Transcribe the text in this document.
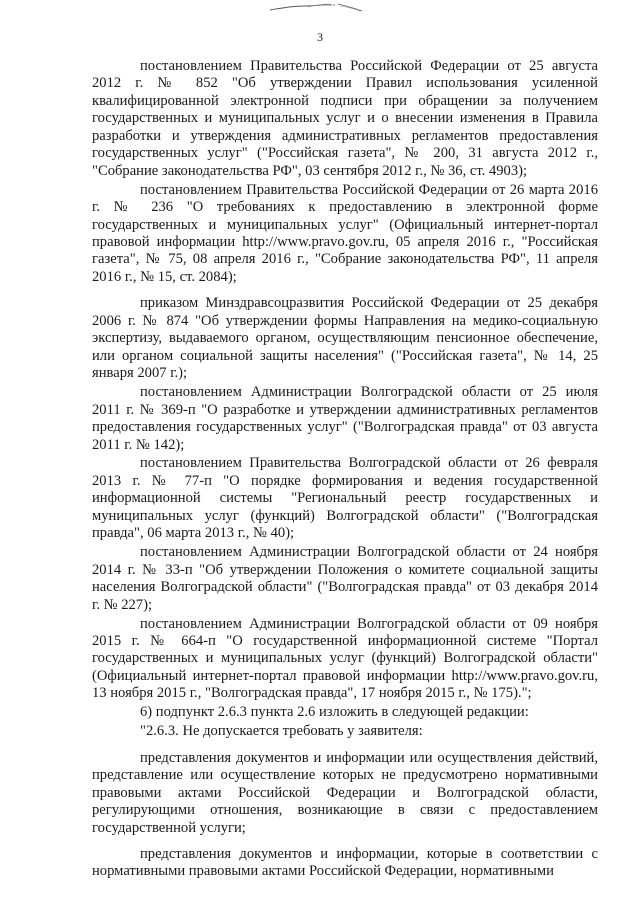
3

постановлением Правительства Российской Федерации от 25 августа 2012 г. № 852 "Об утверждении Правил использования усиленной квалифицированной электронной подписи при обращении за получением государственных и муниципальных услуг и о внесении изменения в Правила разработки и утверждения административных регламентов предоставления государственных услуг" ("Российская газета", № 200, 31 августа 2012 г., "Собрание законодательства РФ", 03 сентября 2012 г., № 36, ст. 4903);

постановлением Правительства Российской Федерации от 26 марта 2016 г. № 236 "О требованиях к предоставлению в электронной форме государственных и муниципальных услуг" (Официальный интернет-портал правовой информации http://www.pravo.gov.ru, 05 апреля 2016 г., "Российская газета", № 75, 08 апреля 2016 г., "Собрание законодательства РФ", 11 апреля 2016 г., № 15, ст. 2084);

приказом Минздравсоцразвития Российской Федерации от 25 декабря 2006 г. № 874 "Об утверждении формы Направления на медико-социальную экспертизу, выдаваемого органом, осуществляющим пенсионное обеспечение, или органом социальной защиты населения" ("Российская газета", № 14, 25 января 2007 г.);

постановлением Администрации Волгоградской области от 25 июля 2011 г. № 369-п "О разработке и утверждении административных регламентов предоставления государственных услуг" ("Волгоградская правда" от 03 августа 2011 г. № 142);

постановлением Правительства Волгоградской области от 26 февраля 2013 г. № 77-п "О порядке формирования и ведения государственной информационной системы "Региональный реестр государственных и муниципальных услуг (функций) Волгоградской области" ("Волгоградская правда", 06 марта 2013 г., № 40);

постановлением Администрации Волгоградской области от 24 ноября 2014 г. № 33-п "Об утверждении Положения о комитете социальной защиты населения Волгоградской области" ("Волгоградская правда" от 03 декабря 2014 г. № 227);

постановлением Администрации Волгоградской области от 09 ноября 2015 г. № 664-п "О государственной информационной системе "Портал государственных и муниципальных услуг (функций) Волгоградской области" (Официальный интернет-портал правовой информации http://www.pravo.gov.ru, 13 ноября 2015 г., "Волгоградская правда", 17 ноября 2015 г., № 175).";

6) подпункт 2.6.3 пункта 2.6 изложить в следующей редакции:

"2.6.3. Не допускается требовать у заявителя:

представления документов и информации или осуществления действий, представление или осуществление которых не предусмотрено нормативными правовыми актами Российской Федерации и Волгоградской области, регулирующими отношения, возникающие в связи с предоставлением государственной услуги;

представления документов и информации, которые в соответствии с нормативными правовыми актами Российской Федерации, нормативными
